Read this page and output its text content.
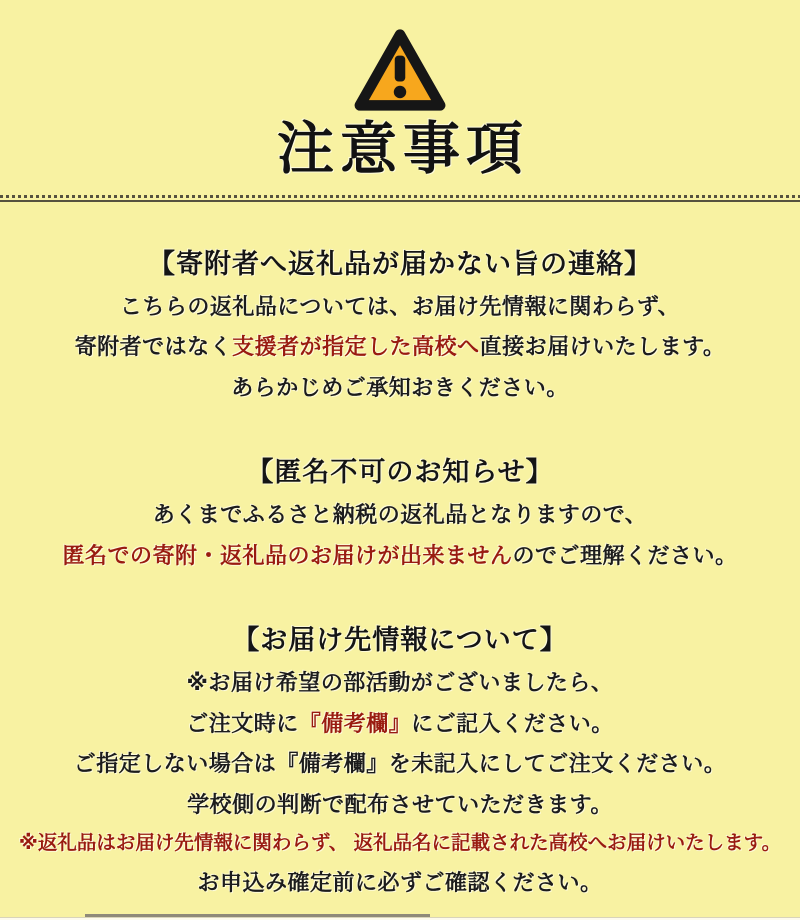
注意事項
【寄附者へ返礼品が届かない旨の連絡】

こちらの返礼品については、お届け先情報に関わらず、

寄附者ではなく支援者が指定した高校へ直接お届けいたします。

あらかじめご承知おきください。

【匿名不可のお知らせ】

あくまでふるさと納税の返礼品となりますので、

匿名での寄附・返礼品のお届けが出来ませんのでご理解ください。

【お届け先情報について】

※お届け希望の部活動がございましたら、

ご注文時に『備考欄』にご記入ください。

ご指定しない場合は『備考欄』を未記入にしてご注文ください。

学校側の判断で配布させていただきます。

※返礼品はお届け先情報に関わらず、 返礼品名に記載された高校へお届けいたします。

お申込み確定前に必ずご確認ください。
